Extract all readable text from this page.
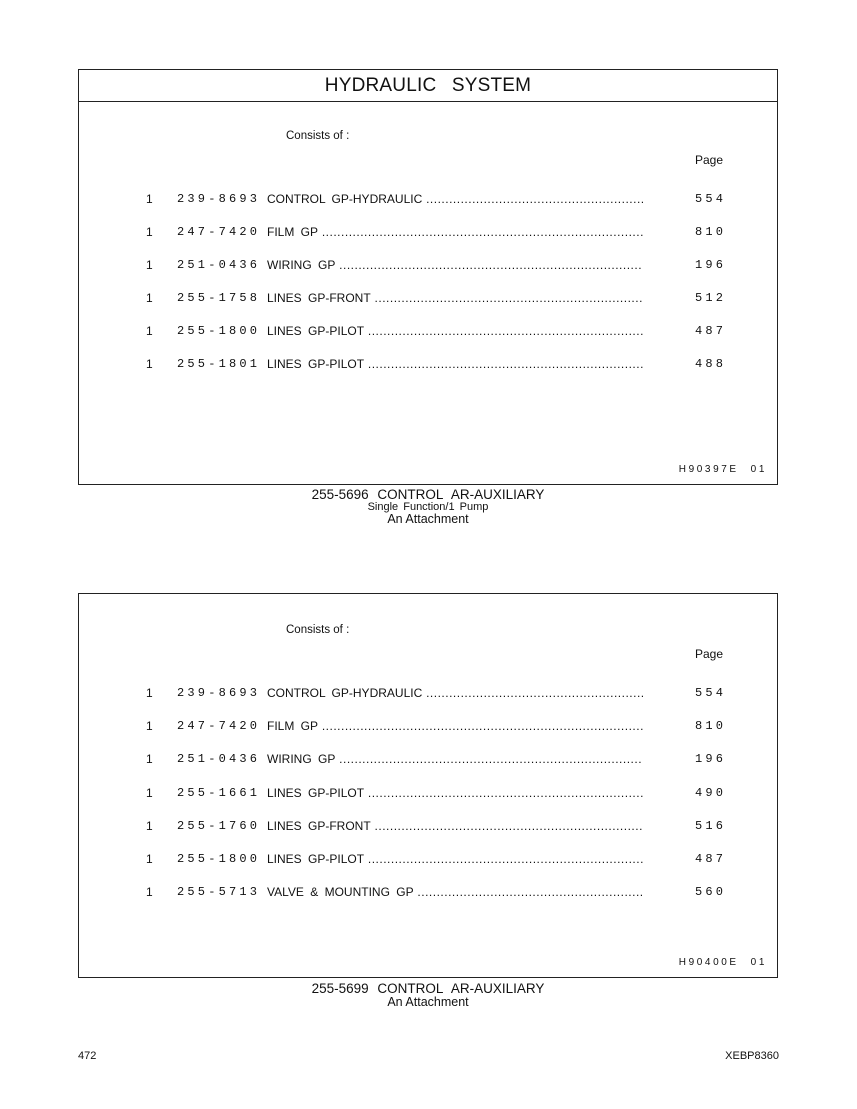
HYDRAULIC SYSTEM
Consists of :
Page
1 239-8693 CONTROL GP-HYDRAULIC .....	554
1 247-7420 FILM GP .....	810
1 251-0436 WIRING GP .....	196
1 255-1758 LINES GP-FRONT .....	512
1 255-1800 LINES GP-PILOT .....	487
1 255-1801 LINES GP-PILOT .....	488
H90397E 01
255-5696 CONTROL AR-AUXILIARY
Single Function/1 Pump
An Attachment
Consists of :
Page
1 239-8693 CONTROL GP-HYDRAULIC .....	554
1 247-7420 FILM GP .....	810
1 251-0436 WIRING GP .....	196
1 255-1661 LINES GP-PILOT .....	490
1 255-1760 LINES GP-FRONT .....	516
1 255-1800 LINES GP-PILOT .....	487
1 255-5713 VALVE & MOUNTING GP .....	560
H90400E 01
255-5699 CONTROL AR-AUXILIARY
An Attachment
472	XEBP8360
